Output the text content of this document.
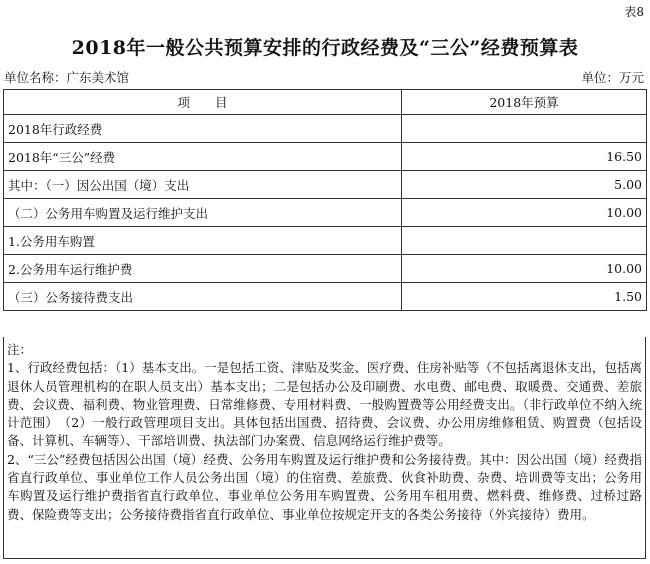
表8
2018年一般公共预算安排的行政经费及“三公”经费预算表
单位名称：广东美术馆	单位：万元
项　　目	2018年预算
2018年行政经费	
2018年“三公”经费	16.50
其中：（一）因公出国（境）支出	5.00
（二）公务用车购置及运行维护支出	10.00
1.公务用车购置	
2.公务用车运行维护费	10.00
（三）公务接待费支出	1.50

注：

1、行政经费包括：（1）基本支出。一是包括工资、津贴及奖金、医疗费、住房补贴等（不包括离退休支出，包括离退休人员管理机构的在职人员支出）基本支出；二是包括办公及印刷费、水电费、邮电费、取暖费、交通费、差旅费、会议费、福利费、物业管理费、日常维修费、专用材料费、一般购置费等公用经费支出。（非行政单位不纳入统计范围）　（2）一般行政管理项目支出。具体包括出国费、招待费、会议费、办公用房维修租赁、购置费（包括设备、计算机、车辆等）、干部培训费、执法部门办案费、信息网络运行维护费等。

2、“三公”经费包括因公出国（境）经费、公务用车购置及运行维护费和公务接待费。其中：因公出国（境）经费指省直行政单位、事业单位工作人员公务出国（境）的住宿费、差旅费、伙食补助费、杂费、培训费等支出；公务用车购置及运行维护费指省直行政单位、事业单位公务用车购置费、公务用车租用费、燃料费、维修费、过桥过路费、保险费等支出；公务接待费指省直行政单位、事业单位按规定开支的各类公务接待（外宾接待）费用。
